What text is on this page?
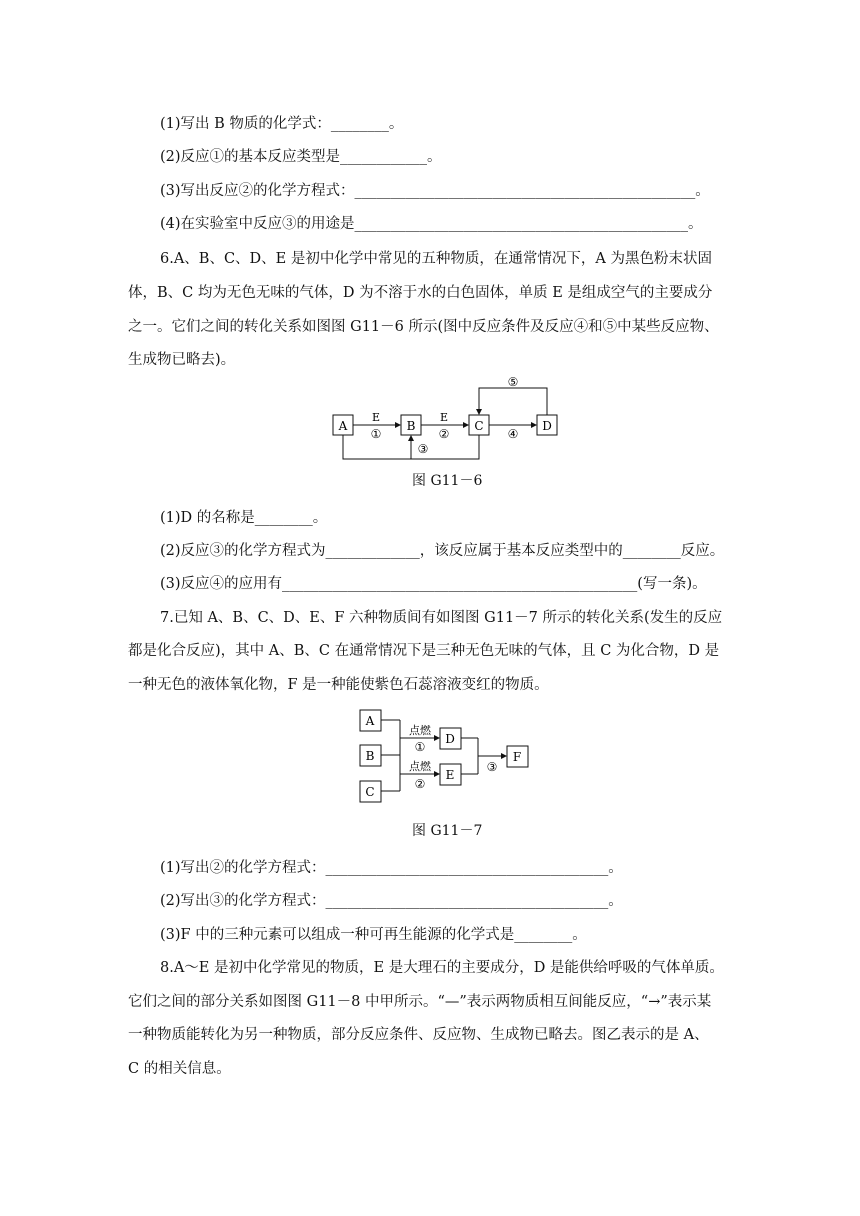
(1)写出 B 物质的化学式：________。
(2)反应①的基本反应类型是____________。
(3)写出反应②的化学方程式：_______________________________________________。
(4)在实验室中反应③的用途是______________________________________________。
6.A、B、C、D、E 是初中化学中常见的五种物质，在通常情况下，A 为黑色粉末状固
体，B、C 均为无色无味的气体，D 为不溶于水的白色固体，单质 E 是组成空气的主要成分
之一。它们之间的转化关系如图图 G11－6 所示(图中反应条件及反应④和⑤中某些反应物、
生成物已略去)。
A	B	C	D
E
①
E
②	④
⑤
③
图 G11－6
(1)D 的名称是________。
(2)反应③的化学方程式为_____________，该反应属于基本反应类型中的________反应。
(3)反应④的应用有_________________________________________________(写一条)。
7.已知 A、B、C、D、E、F 六种物质间有如图图 G11－7 所示的转化关系(发生的反应
都是化合反应)，其中 A、B、C 在通常情况下是三种无色无味的气体，且 C 为化合物，D 是
一种无色的液体氧化物，F 是一种能使紫色石蕊溶液变红的物质。
A
B
C
D
E
F
点燃
①
点燃
②
③
图 G11－7
(1)写出②的化学方程式：_______________________________________。
(2)写出③的化学方程式：_______________________________________。
(3)F 中的三种元素可以组成一种可再生能源的化学式是________。
8.A～E 是初中化学常见的物质，E 是大理石的主要成分，D 是能供给呼吸的气体单质。
它们之间的部分关系如图图 G11－8 中甲所示。“—”表示两物质相互间能反应，“→”表示某
一种物质能转化为另一种物质，部分反应条件、反应物、生成物已略去。图乙表示的是 A、
C 的相关信息。
